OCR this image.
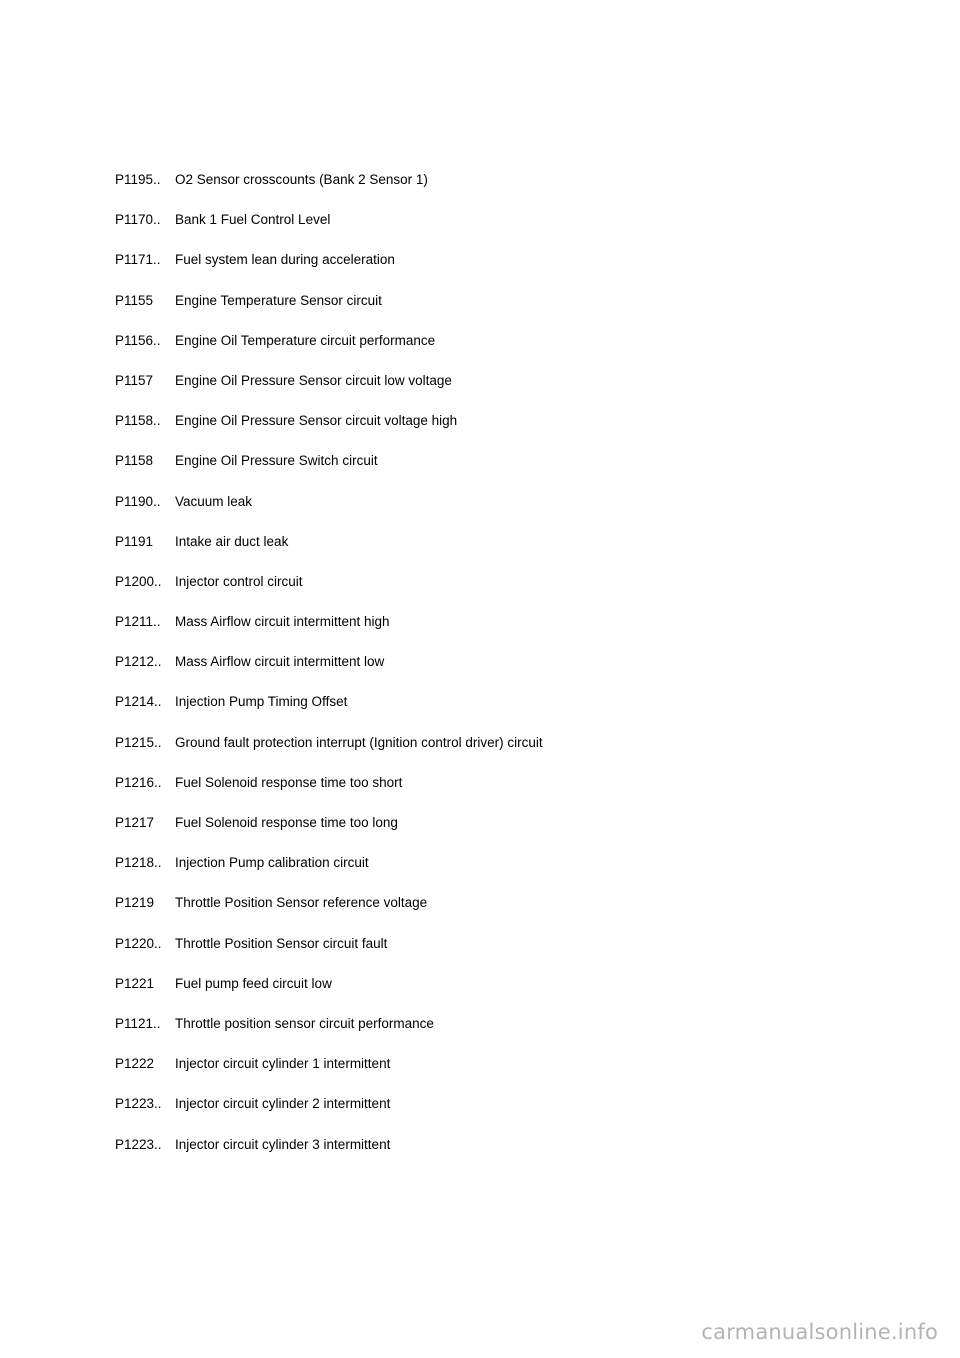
P1195..	O2 Sensor crosscounts (Bank 2 Sensor 1)
P1170..	Bank 1 Fuel Control Level
P1171..	Fuel system lean during acceleration
P1155	Engine Temperature Sensor circuit
P1156..	Engine Oil Temperature circuit performance
P1157	Engine Oil Pressure Sensor circuit low voltage
P1158..	Engine Oil Pressure Sensor circuit voltage high
P1158	Engine Oil Pressure Switch circuit
P1190..	Vacuum leak
P1191	Intake air duct leak
P1200.. Injector control circuit
P1211..	Mass Airflow circuit intermittent high
P1212.. Mass Airflow circuit intermittent low
P1214.. Injection Pump Timing Offset
P1215.. Ground fault protection interrupt (Ignition control driver) circuit
P1216.. Fuel Solenoid response time too short
P1217	Fuel Solenoid response time too long
P1218.. Injection Pump calibration circuit
P1219	Throttle Position Sensor reference voltage
P1220.. Throttle Position Sensor circuit fault
P1221	Fuel pump feed circuit low
P1121..	Throttle position sensor circuit performance
P1222	Injector circuit cylinder 1 intermittent
P1223.. Injector circuit cylinder 2 intermittent
P1223.. Injector circuit cylinder 3 intermittent
carmanualsonline.info
